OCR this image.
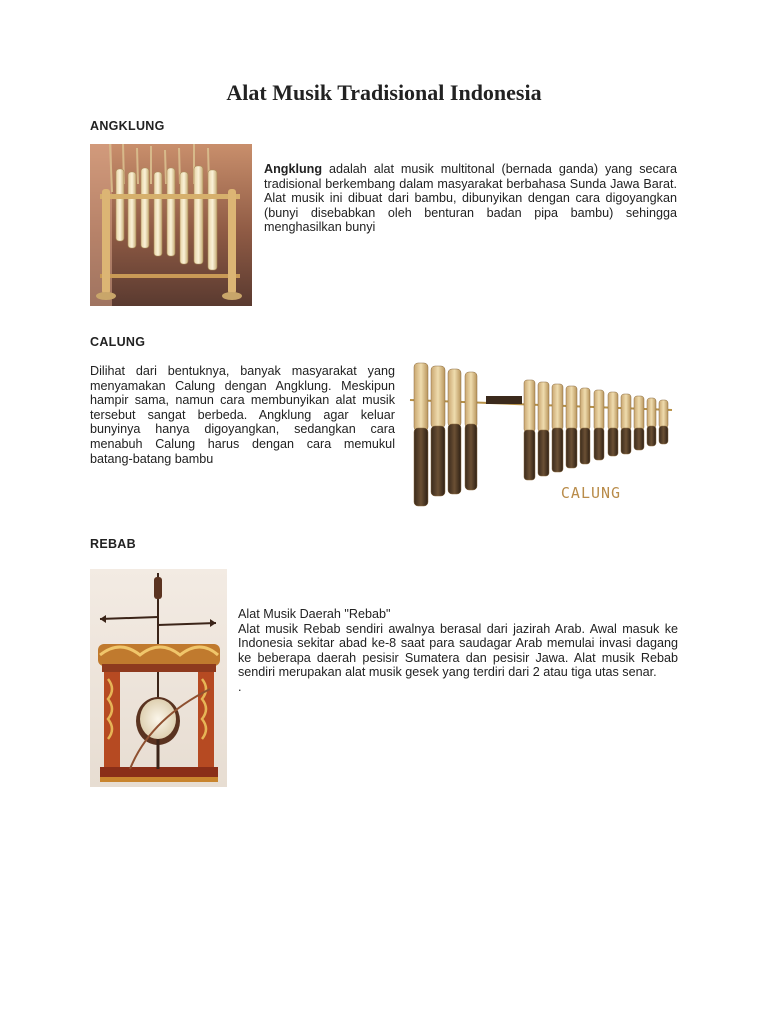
Alat Musik Tradisional Indonesia
ANGKLUNG
Angklung adalah alat musik multitonal (bernada ganda) yang secara tradisional berkembang dalam masyarakat berbahasa Sunda Jawa Barat. Alat musik ini dibuat dari bambu, dibunyikan dengan cara digoyangkan (bunyi disebabkan oleh benturan badan pipa bambu) sehingga menghasilkan bunyi
CALUNG
Dilihat dari bentuknya, banyak masyarakat yang menyamakan Calung dengan Angklung. Meskipun hampir sama, namun cara membunyikan alat musik tersebut sangat berbeda. Angklung agar keluar bunyinya hanya digoyangkan, sedangkan cara menabuh Calung harus dengan cara memukul batang-batang bambu
CALUNG
REBAB
Alat Musik Daerah "Rebab"
Alat musik Rebab sendiri awalnya berasal dari jazirah Arab. Awal masuk ke Indonesia sekitar abad ke-8 saat para saudagar Arab memulai invasi dagang ke beberapa daerah pesisir Sumatera dan pesisir Jawa. Alat musik Rebab sendiri merupakan alat musik gesek yang terdiri dari 2 atau tiga utas senar.
.
